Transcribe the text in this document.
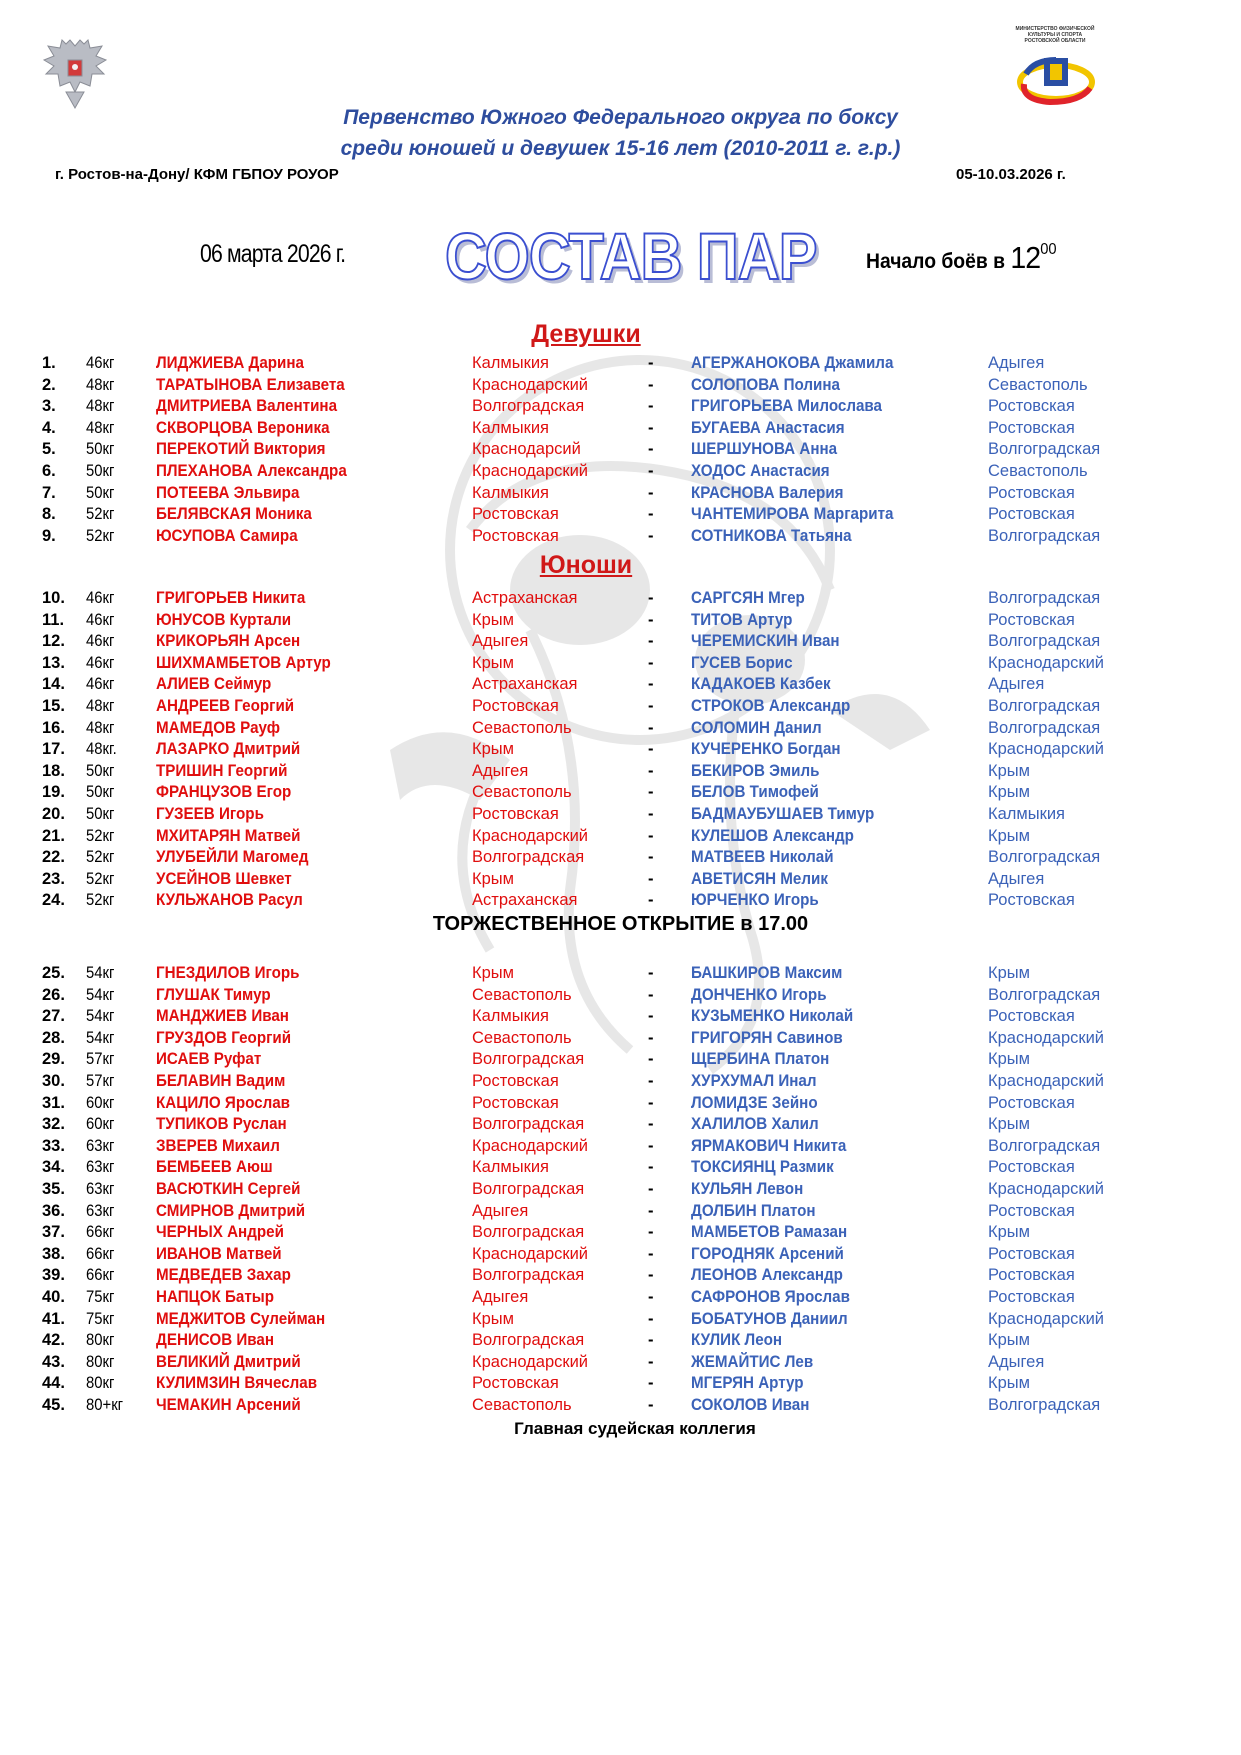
МИНИСТЕРСТВО ФИЗИЧЕСКОЙ КУЛЬТУРЫ И СПОРТА РОСТОВСКОЙ ОБЛАСТИ
Первенство Южного Федерального округа по боксу
среди юношей и девушек 15-16 лет (2010-2011 г. г.р.)
г. Ростов-на-Дону/ КФМ ГБПОУ РОУОР	05-10.03.2026 г.
06 марта 2026 г. СОСТАВ ПАР Начало боёв в $12^{00}$
Девушки
Юноши
1. 46кг	ЛИДЖИЕВА Дарина	Калмыкия	- АГЕРЖАНОКОВА Джамила	Адыгея
2. 48кг	ТАРАТЫНОВА Елизавета	Краснодарский	- СОЛОПОВА Полина	Севастополь
3. 48кг	ДМИТРИЕВА Валентина	Волгоградская	- ГРИГОРЬЕВА Милослава	Ростовская
4. 48кг	СКВОРЦОВА Вероника	Калмыкия	- БУГАЕВА Анастасия	Ростовская
5. 50кг	ПЕРЕКОТИЙ Виктория	Краснодарсий	- ШЕРШУНОВА Анна	Волгоградская
6. 50кг	ПЛЕХАНОВА Александра	Краснодарский	- ХОДОС Анастасия	Севастополь
7. 50кг	ПОТЕЕВА Эльвира	Калмыкия	- КРАСНОВА Валерия	Ростовская
8. 52кг	БЕЛЯВСКАЯ Моника	Ростовская	- ЧАНТЕМИРОВА Маргарита	Ростовская
9. 52кг	ЮСУПОВА Самира	Ростовская	- СОТНИКОВА Татьяна	Волгоградская
10. 46кг	ГРИГОРЬЕВ Никита	Астраханская	- САРГСЯН Мгер	Волгоградская
11. 46кг	ЮНУСОВ Куртали	Крым	- ТИТОВ Артур	Ростовская
12. 46кг	КРИКОРЬЯН Арсен	Адыгея	- ЧЕРЕМИСКИН Иван	Волгоградская
13. 46кг	ШИХМАМБЕТОВ Артур	Крым	- ГУСЕВ Борис	Краснодарский
14. 46кг	АЛИЕВ Сеймур	Астраханская	- КАДАКОЕВ Казбек	Адыгея
15. 48кг	АНДРЕЕВ Георгий	Ростовская	- СТРОКОВ Александр	Волгоградская
16. 48кг	МАМЕДОВ Рауф	Севастополь	- СОЛОМИН Данил	Волгоградская
17. 48кг. ЛАЗАРКО Дмитрий	Крым	- КУЧЕРЕНКО Богдан	Краснодарский
18. 50кг	ТРИШИН Георгий	Адыгея	- БЕКИРОВ Эмиль	Крым
19. 50кг	ФРАНЦУЗОВ Егор	Севастополь	- БЕЛОВ Тимофей	Крым
20. 50кг	ГУЗЕЕВ Игорь	Ростовская	- БАДМАУБУШАЕВ Тимур	Калмыкия
21. 52кг	МХИТАРЯН Матвей	Краснодарский	- КУЛЕШОВ Александр	Крым
22. 52кг	УЛУБЕЙЛИ Магомед	Волгоградская	- МАТВЕЕВ Николай	Волгоградская
23. 52кг	УСЕЙНОВ Шевкет	Крым	- АВЕТИСЯН Мелик	Адыгея
24. 52кг	КУЛЬЖАНОВ Расул	Астраханская	- ЮРЧЕНКО Игорь	Ростовская
ТОРЖЕСТВЕННОЕ ОТКРЫТИЕ в 17.00
25. 54кг	ГНЕЗДИЛОВ Игорь	Крым	- БАШКИРОВ Максим	Крым
26. 54кг	ГЛУШАК Тимур	Севастополь	- ДОНЧЕНКО Игорь	Волгоградская
27. 54кг	МАНДЖИЕВ Иван	Калмыкия	- КУЗЬМЕНКО Николай	Ростовская
28. 54кг	ГРУЗДОВ Георгий	Севастополь	- ГРИГОРЯН Савинов	Краснодарский
29. 57кг	ИСАЕВ Руфат	Волгоградская	- ЩЕРБИНА Платон	Крым
30. 57кг	БЕЛАВИН Вадим	Ростовская	- ХУРХУМАЛ Инал	Краснодарский
31. 60кг	КАЦИЛО Ярослав	Ростовская	- ЛОМИДЗЕ Зейно	Ростовская
32. 60кг	ТУПИКОВ Руслан	Волгоградская	- ХАЛИЛОВ Халил	Крым
33. 63кг	ЗВЕРЕВ Михаил	Краснодарский	- ЯРМАКОВИЧ Никита	Волгоградская
34. 63кг	БЕМБЕЕВ Аюш	Калмыкия	- ТОКСИЯНЦ Размик	Ростовская
35. 63кг	ВАСЮТКИН Сергей	Волгоградская	- КУЛЬЯН Левон	Краснодарский
36. 63кг	СМИРНОВ Дмитрий	Адыгея	- ДОЛБИН Платон	Ростовская
37. 66кг	ЧЕРНЫХ Андрей	Волгоградская	- МАМБЕТОВ Рамазан	Крым
38. 66кг	ИВАНОВ Матвей	Краснодарский	- ГОРОДНЯК Арсений	Ростовская
39. 66кг	МЕДВЕДЕВ Захар	Волгоградская	- ЛЕОНОВ Александр	Ростовская
40. 75кг	НАПЦОК Батыр	Адыгея	- САФРОНОВ Ярослав	Ростовская
41. 75кг	МЕДЖИТОВ Сулейман	Крым	- БОБАТУНОВ Даниил	Краснодарский
42. 80кг	ДЕНИСОВ Иван	Волгоградская	- КУЛИК Леон	Крым
43. 80кг	ВЕЛИКИЙ Дмитрий	Краснодарский	- ЖЕМАЙТИС Лев	Адыгея
44. 80кг	КУЛИМЗИН Вячеслав	Ростовская	- МГЕРЯН Артур	Крым
45. 80+кг ЧЕМАКИН Арсений	Севастополь	- СОКОЛОВ Иван	Волгоградская
Главная судейская коллегия
